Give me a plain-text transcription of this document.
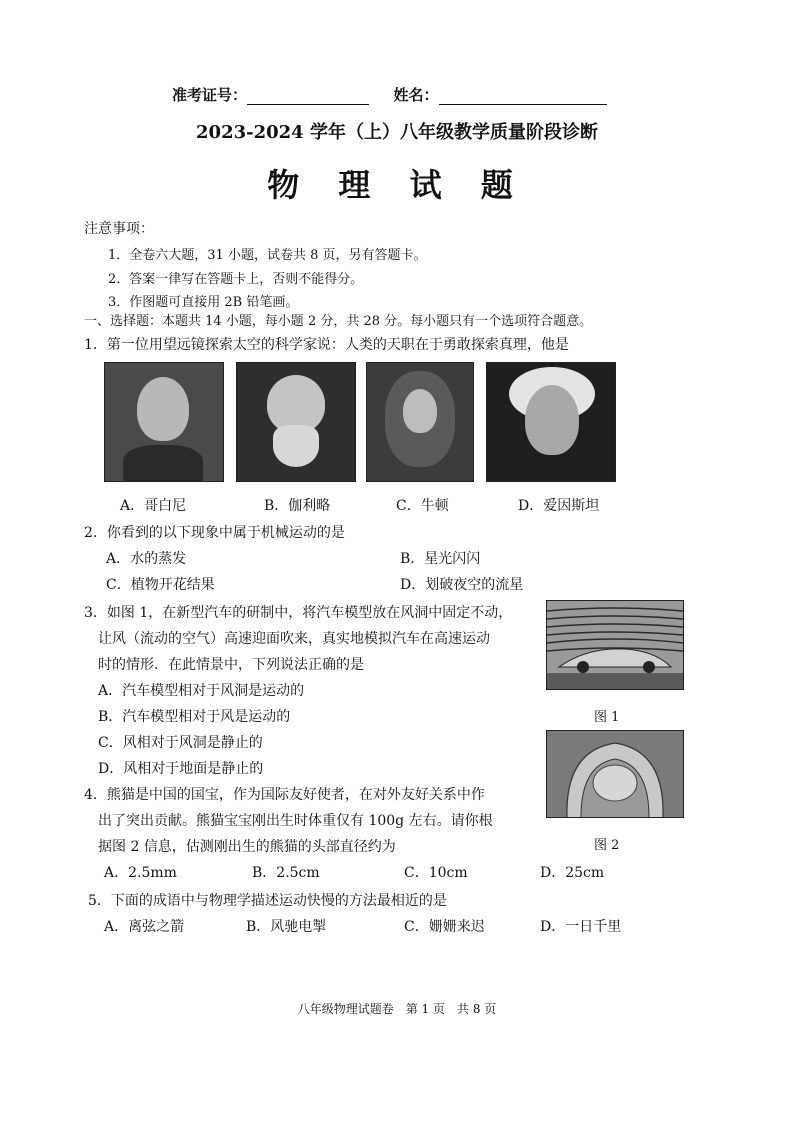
准考证号：	姓名：
2023-2024 学年（上）八年级教学质量阶段诊断
物 理 试 题
注意事项：
1．全卷六大题，31 小题，试卷共 8 页，另有答题卡。
2．答案一律写在答题卡上，否则不能得分。
3．作图题可直接用 2B 铅笔画。
一、选择题：本题共 14 小题，每小题 2 分，共 28 分。每小题只有一个选项符合题意。
1．第一位用望远镜探索太空的科学家说：人类的天职在于勇敢探索真理，他是
A．哥白尼	B．伽利略	C．牛顿	D．爱因斯坦
2．你看到的以下现象中属于机械运动的是
A．水的蒸发	B．星光闪闪
C．植物开花结果	D．划破夜空的流星
3．如图 1，在新型汽车的研制中，将汽车模型放在风洞中固定不动，
让风（流动的空气）高速迎面吹来，真实地模拟汽车在高速运动
时的情形．在此情景中，下列说法正确的是
A．汽车模型相对于风洞是运动的
B．汽车模型相对于风是运动的
C．风相对于风洞是静止的
D．风相对于地面是静止的
图 1
图 2
4．熊猫是中国的国宝，作为国际友好使者，在对外友好关系中作
出了突出贡献。熊猫宝宝刚出生时体重仅有 100g 左右。请你根
据图 2 信息，估测刚出生的熊猫的头部直径约为
A．2.5mm	B．2.5cm	C．10cm	D．25cm
5．下面的成语中与物理学描述运动快慢的方法最相近的是
A．离弦之箭	B．风驰电掣	C．姗姗来迟	D．一日千里
八年级物理试题卷　第 1 页　共 8 页
